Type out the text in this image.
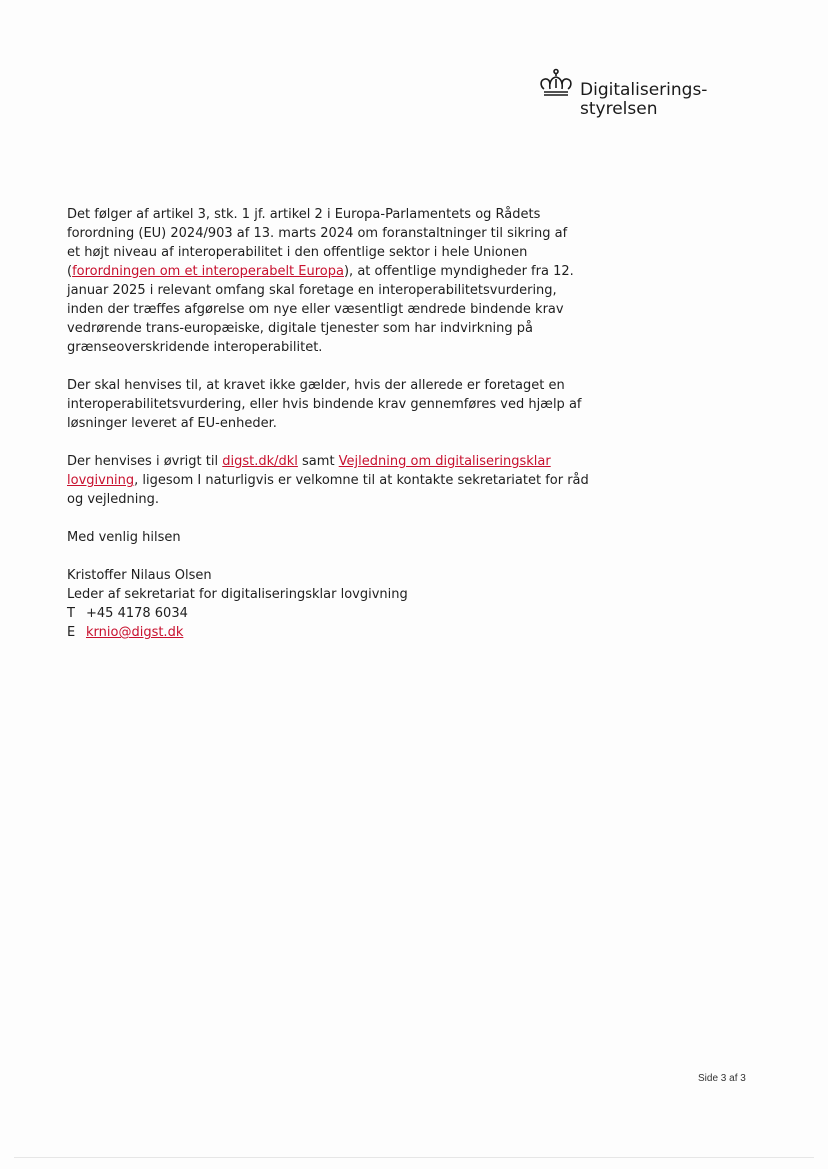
Digitaliserings-
styrelsen

Det følger af artikel 3, stk. 1 jf. artikel 2 i Europa-Parlamentets og Rådets
forordning (EU) 2024/903 af 13. marts 2024 om foranstaltninger til sikring af
et højt niveau af interoperabilitet i den offentlige sektor i hele Unionen
(forordningen om et interoperabelt Europa), at offentlige myndigheder fra 12.
januar 2025 i relevant omfang skal foretage en interoperabilitetsvurdering,
inden der træffes afgørelse om nye eller væsentligt ændrede bindende krav
vedrørende trans-europæiske, digitale tjenester som har indvirkning på
grænseoverskridende interoperabilitet.

Der skal henvises til, at kravet ikke gælder, hvis der allerede er foretaget en
interoperabilitetsvurdering, eller hvis bindende krav gennemføres ved hjælp af
løsninger leveret af EU-enheder.

Der henvises i øvrigt til digst.dk/dkl samt Vejledning om digitaliseringsklar
lovgivning, ligesom I naturligvis er velkomne til at kontakte sekretariatet for råd
og vejledning.

Med venlig hilsen

Kristoffer Nilaus Olsen
Leder af sekretariat for digitaliseringsklar lovgivning
T +45 4178 6034
E krnio@digst.dk
Side 3 af 3
